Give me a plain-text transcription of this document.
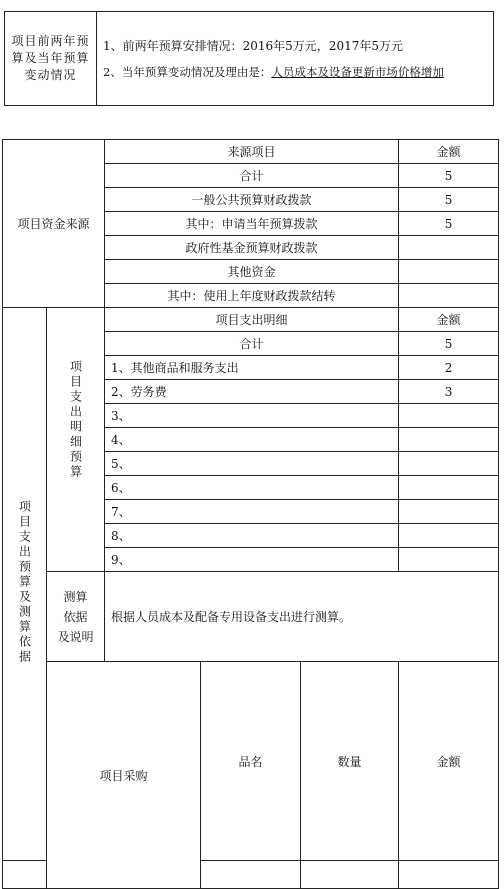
项目前两年预算及当年预算变动情况

1、前两年预算安排情况：2016年5万元，2017年5万元
2、当年预算变动情况及理由是：人员成本及设备更新市场价格增加
项目资金来源		来源项目			金额	
		合计			5	
		一般公共预算财政拨款			5	
		其中：申请当年预算拨款			5	
		政府性基金预算财政拨款				
		其他资金				
		其中：使用上年度财政拨款结转				
项目支出预算及测算依据	项目支出明细预算	项目支出明细			金额	
		合计			5	
		1、其他商品和服务支出			2	
		2、劳务费			3	
		3、				
		4、				
		5、				
		6、				
		7、				
		8、				
		9、				

	测算
依据
及说明	根据人员成本及配备专用设备支出进行测算。				
	项目采购		品名	数量	金额	
